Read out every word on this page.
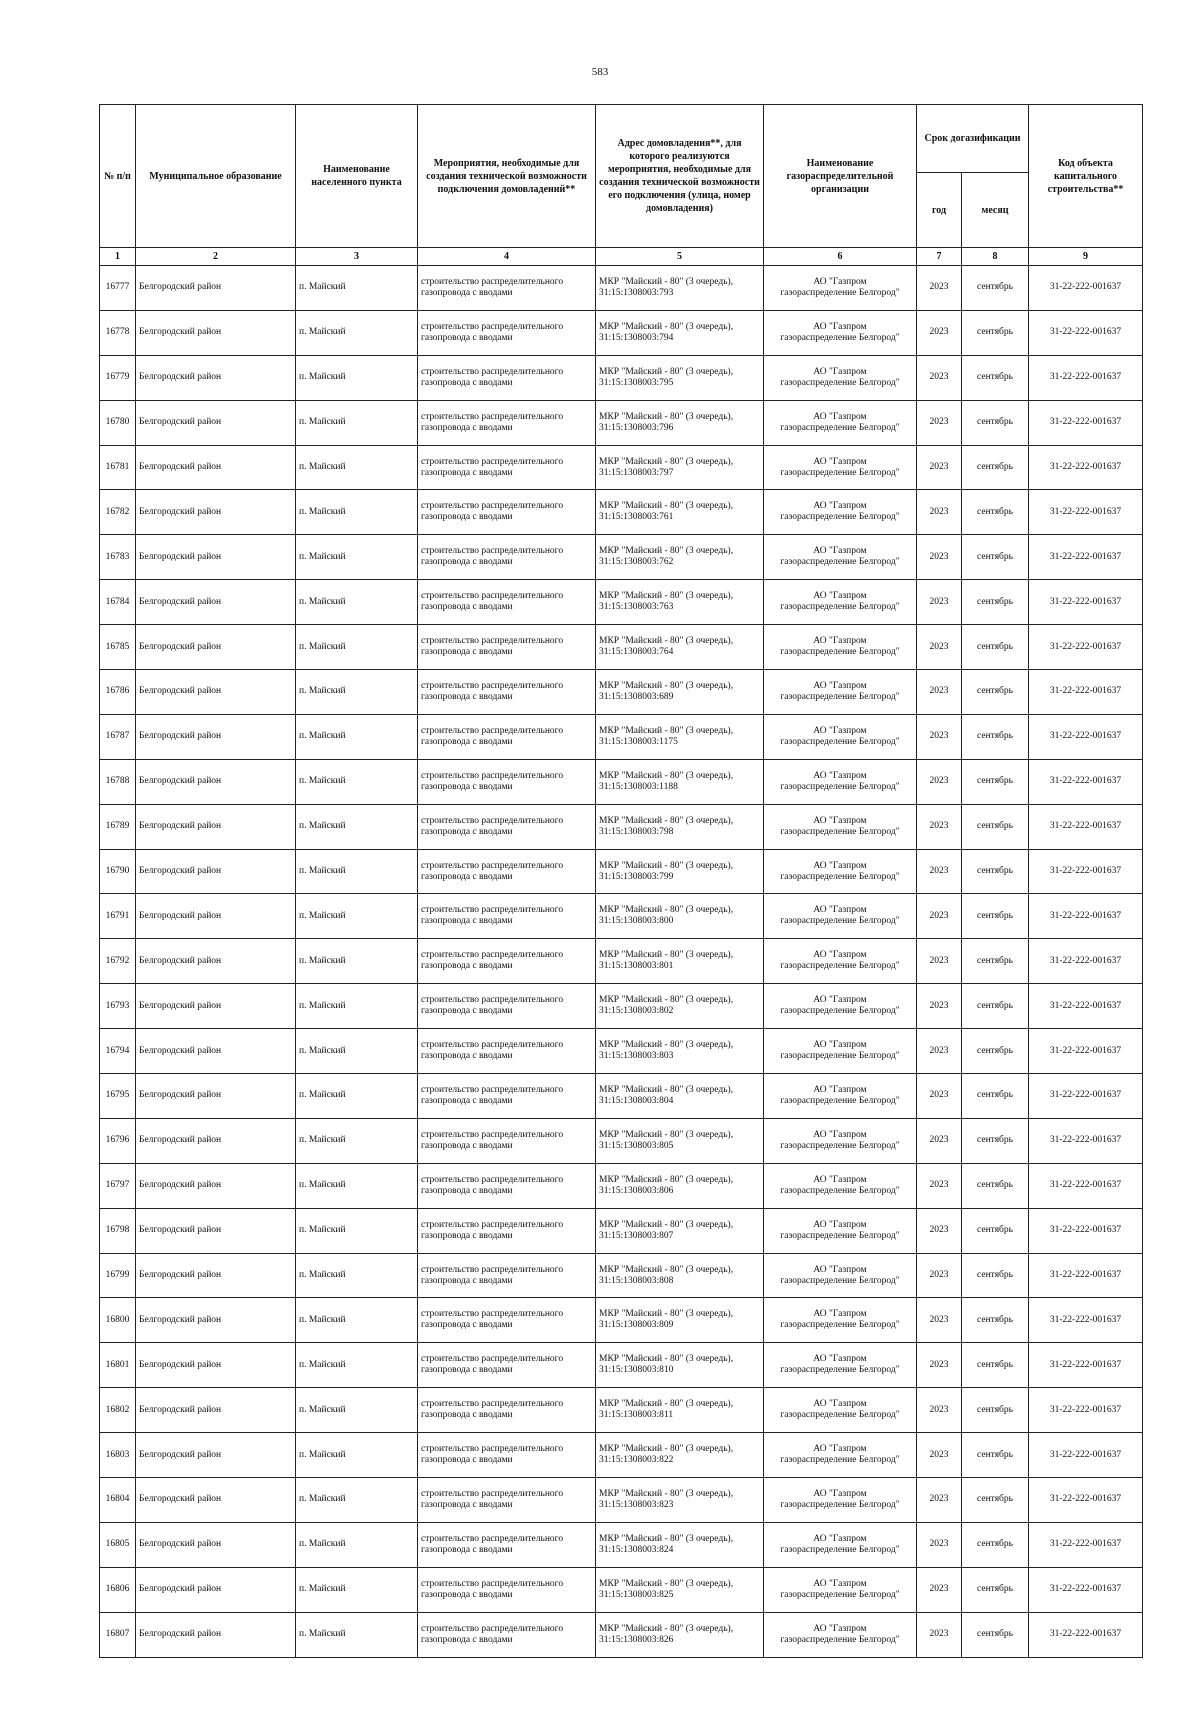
583
№ п/п	Муниципальное образование	Наименование населенного пункта	Мероприятия, необходимые для создания технической возможности подключения домовладений**	Адрес домовладения**, для которого реализуются мероприятия, необходимые для создания технической возможности его подключения (улица, номер домовладения)	Наименование газораспределительной организации	Срок догазификации		Код объекта капитального строительства**
						год	месяц	
1	2	3	4	5	6	7	8	9
16777	Белгородский район	п. Майский	строительство распределительного газопровода с вводами	МКР "Майский - 80" (3 очередь), 31:15:1308003:793	АО "Газпром
газораспределение Белгород"	2023	сентябрь	31-22-222-001637
16778	Белгородский район	п. Майский	строительство распределительного газопровода с вводами	МКР "Майский - 80" (3 очередь), 31:15:1308003:794	АО "Газпром
газораспределение Белгород"	2023	сентябрь	31-22-222-001637
16779	Белгородский район	п. Майский	строительство распределительного газопровода с вводами	МКР "Майский - 80" (3 очередь), 31:15:1308003:795	АО "Газпром
газораспределение Белгород"	2023	сентябрь	31-22-222-001637
16780	Белгородский район	п. Майский	строительство распределительного газопровода с вводами	МКР "Майский - 80" (3 очередь), 31:15:1308003:796	АО "Газпром
газораспределение Белгород"	2023	сентябрь	31-22-222-001637
16781	Белгородский район	п. Майский	строительство распределительного газопровода с вводами	МКР "Майский - 80" (3 очередь), 31:15:1308003:797	АО "Газпром
газораспределение Белгород"	2023	сентябрь	31-22-222-001637
16782	Белгородский район	п. Майский	строительство распределительного газопровода с вводами	МКР "Майский - 80" (3 очередь), 31:15:1308003:761	АО "Газпром
газораспределение Белгород"	2023	сентябрь	31-22-222-001637
16783	Белгородский район	п. Майский	строительство распределительного газопровода с вводами	МКР "Майский - 80" (3 очередь), 31:15:1308003:762	АО "Газпром
газораспределение Белгород"	2023	сентябрь	31-22-222-001637
16784	Белгородский район	п. Майский	строительство распределительного газопровода с вводами	МКР "Майский - 80" (3 очередь), 31:15:1308003:763	АО "Газпром
газораспределение Белгород"	2023	сентябрь	31-22-222-001637
16785	Белгородский район	п. Майский	строительство распределительного газопровода с вводами	МКР "Майский - 80" (3 очередь), 31:15:1308003:764	АО "Газпром
газораспределение Белгород"	2023	сентябрь	31-22-222-001637
16786	Белгородский район	п. Майский	строительство распределительного газопровода с вводами	МКР "Майский - 80" (3 очередь), 31:15:1308003:689	АО "Газпром
газораспределение Белгород"	2023	сентябрь	31-22-222-001637
16787	Белгородский район	п. Майский	строительство распределительного газопровода с вводами	МКР "Майский - 80" (3 очередь), 31:15:1308003:1175	АО "Газпром
газораспределение Белгород"	2023	сентябрь	31-22-222-001637
16788	Белгородский район	п. Майский	строительство распределительного газопровода с вводами	МКР "Майский - 80" (3 очередь), 31:15:1308003:1188	АО "Газпром
газораспределение Белгород"	2023	сентябрь	31-22-222-001637
16789	Белгородский район	п. Майский	строительство распределительного газопровода с вводами	МКР "Майский - 80" (3 очередь), 31:15:1308003:798	АО "Газпром
газораспределение Белгород"	2023	сентябрь	31-22-222-001637
16790	Белгородский район	п. Майский	строительство распределительного газопровода с вводами	МКР "Майский - 80" (3 очередь), 31:15:1308003:799	АО "Газпром
газораспределение Белгород"	2023	сентябрь	31-22-222-001637
16791	Белгородский район	п. Майский	строительство распределительного газопровода с вводами	МКР "Майский - 80" (3 очередь), 31:15:1308003:800	АО "Газпром
газораспределение Белгород"	2023	сентябрь	31-22-222-001637
16792	Белгородский район	п. Майский	строительство распределительного газопровода с вводами	МКР "Майский - 80" (3 очередь), 31:15:1308003:801	АО "Газпром
газораспределение Белгород"	2023	сентябрь	31-22-222-001637
16793	Белгородский район	п. Майский	строительство распределительного газопровода с вводами	МКР "Майский - 80" (3 очередь), 31:15:1308003:802	АО "Газпром
газораспределение Белгород"	2023	сентябрь	31-22-222-001637
16794	Белгородский район	п. Майский	строительство распределительного газопровода с вводами	МКР "Майский - 80" (3 очередь), 31:15:1308003:803	АО "Газпром
газораспределение Белгород"	2023	сентябрь	31-22-222-001637
16795	Белгородский район	п. Майский	строительство распределительного газопровода с вводами	МКР "Майский - 80" (3 очередь), 31:15:1308003:804	АО "Газпром
газораспределение Белгород"	2023	сентябрь	31-22-222-001637
16796	Белгородский район	п. Майский	строительство распределительного газопровода с вводами	МКР "Майский - 80" (3 очередь), 31:15:1308003:805	АО "Газпром
газораспределение Белгород"	2023	сентябрь	31-22-222-001637
16797	Белгородский район	п. Майский	строительство распределительного газопровода с вводами	МКР "Майский - 80" (3 очередь), 31:15:1308003:806	АО "Газпром
газораспределение Белгород"	2023	сентябрь	31-22-222-001637
16798	Белгородский район	п. Майский	строительство распределительного газопровода с вводами	МКР "Майский - 80" (3 очередь), 31:15:1308003:807	АО "Газпром
газораспределение Белгород"	2023	сентябрь	31-22-222-001637
16799	Белгородский район	п. Майский	строительство распределительного газопровода с вводами	МКР "Майский - 80" (3 очередь), 31:15:1308003:808	АО "Газпром
газораспределение Белгород"	2023	сентябрь	31-22-222-001637
16800	Белгородский район	п. Майский	строительство распределительного газопровода с вводами	МКР "Майский - 80" (3 очередь), 31:15:1308003:809	АО "Газпром
газораспределение Белгород"	2023	сентябрь	31-22-222-001637
16801	Белгородский район	п. Майский	строительство распределительного газопровода с вводами	МКР "Майский - 80" (3 очередь), 31:15:1308003:810	АО "Газпром
газораспределение Белгород"	2023	сентябрь	31-22-222-001637
16802	Белгородский район	п. Майский	строительство распределительного газопровода с вводами	МКР "Майский - 80" (3 очередь), 31:15:1308003:811	АО "Газпром
газораспределение Белгород"	2023	сентябрь	31-22-222-001637
16803	Белгородский район	п. Майский	строительство распределительного газопровода с вводами	МКР "Майский - 80" (3 очередь), 31:15:1308003:822	АО "Газпром
газораспределение Белгород"	2023	сентябрь	31-22-222-001637
16804	Белгородский район	п. Майский	строительство распределительного газопровода с вводами	МКР "Майский - 80" (3 очередь), 31:15:1308003:823	АО "Газпром
газораспределение Белгород"	2023	сентябрь	31-22-222-001637
16805	Белгородский район	п. Майский	строительство распределительного газопровода с вводами	МКР "Майский - 80" (3 очередь), 31:15:1308003:824	АО "Газпром
газораспределение Белгород"	2023	сентябрь	31-22-222-001637
16806	Белгородский район	п. Майский	строительство распределительного газопровода с вводами	МКР "Майский - 80" (3 очередь), 31:15:1308003:825	АО "Газпром
газораспределение Белгород"	2023	сентябрь	31-22-222-001637
16807	Белгородский район	п. Майский	строительство распределительного газопровода с вводами	МКР "Майский - 80" (3 очередь), 31:15:1308003:826	АО "Газпром
газораспределение Белгород"	2023	сентябрь	31-22-222-001637
